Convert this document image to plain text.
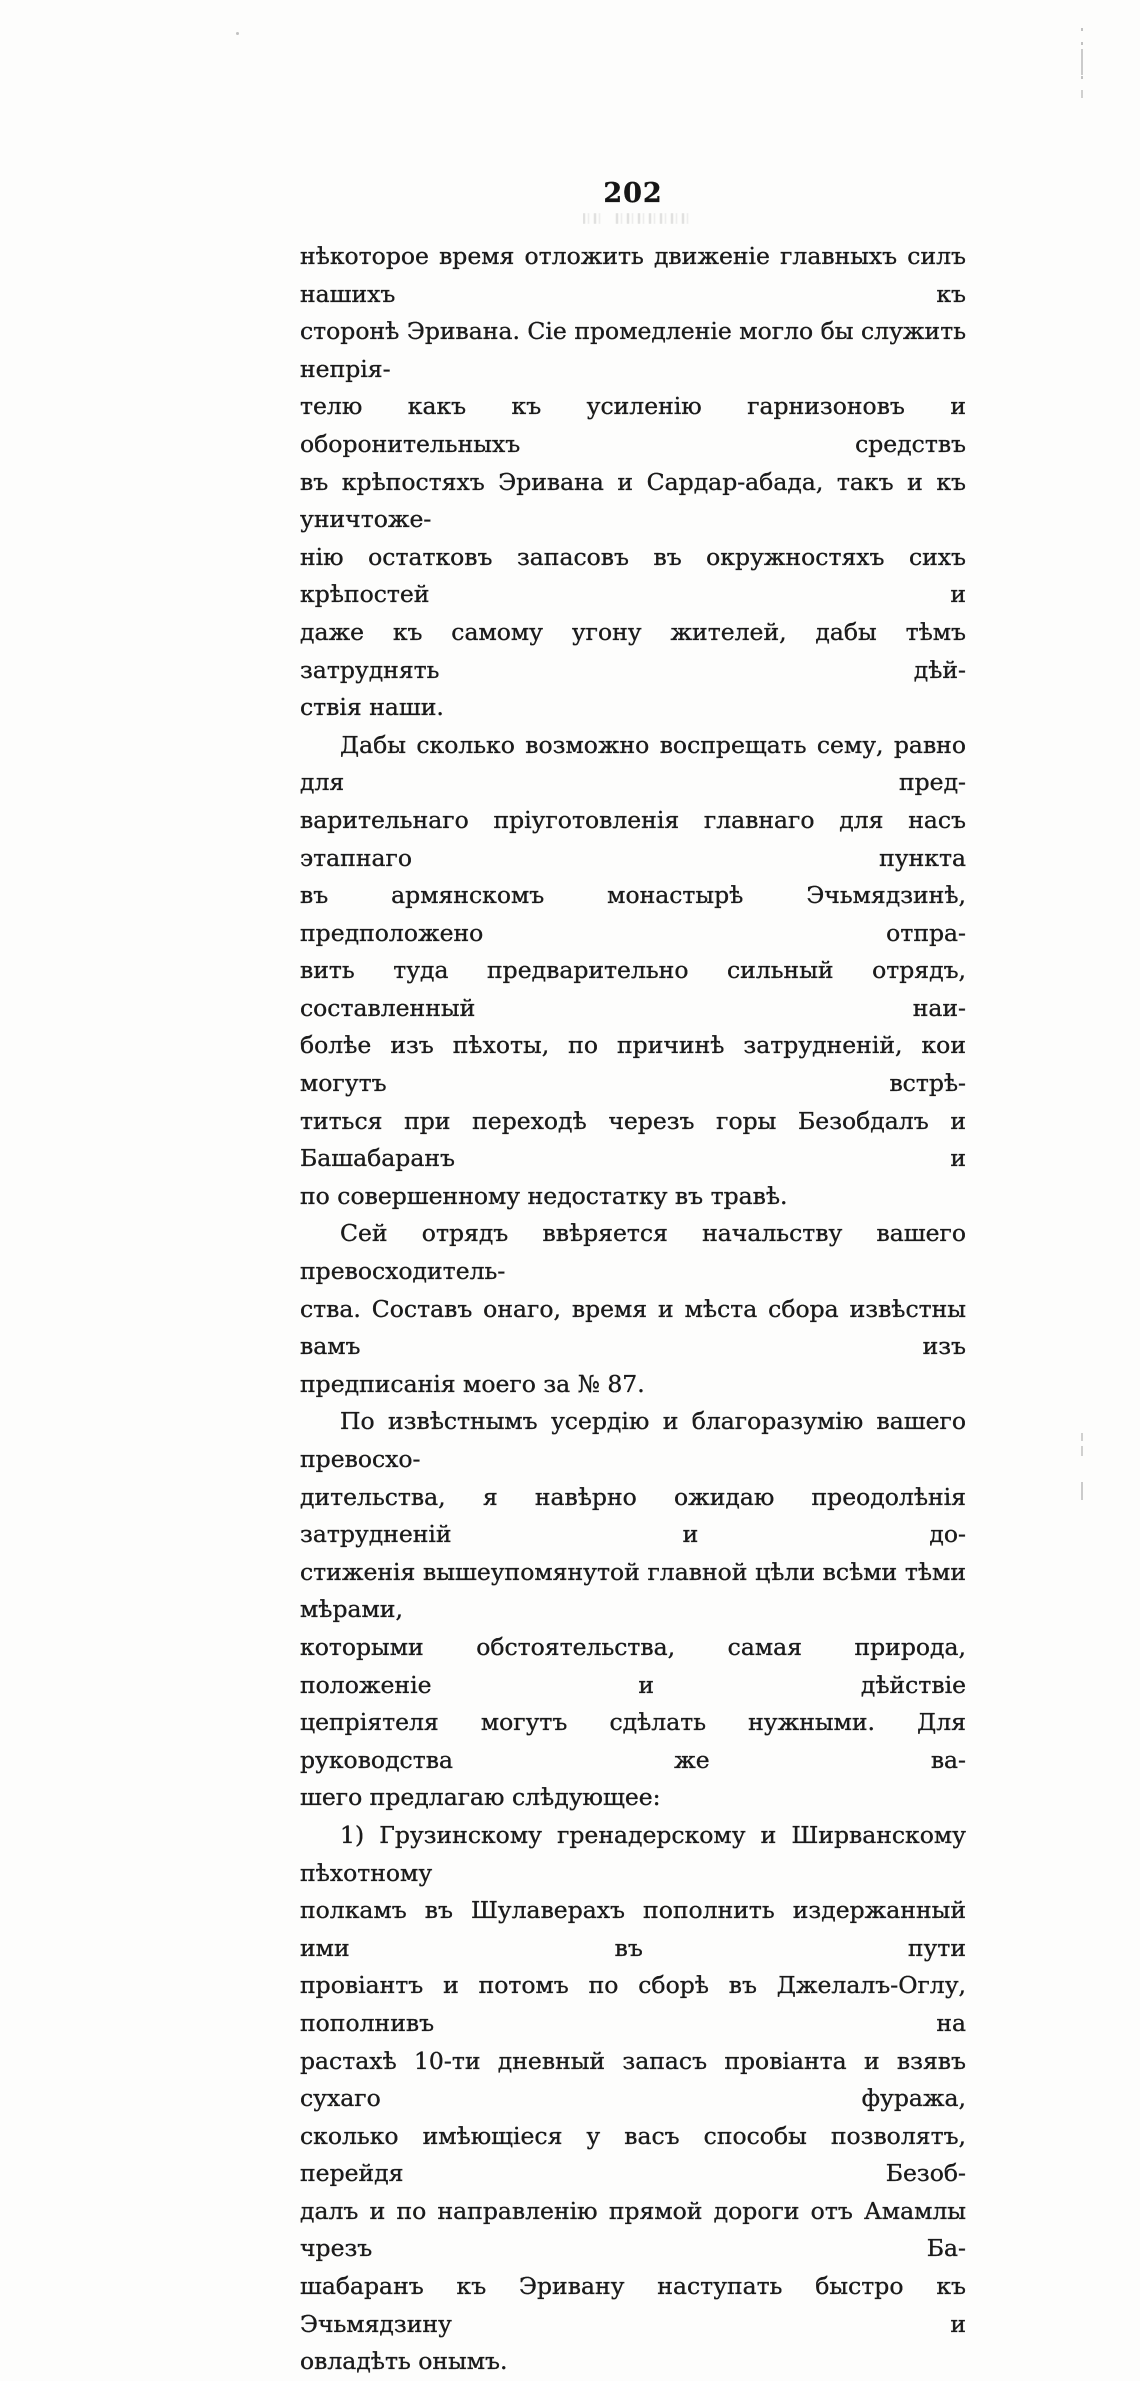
202
нѣкоторое время отложить движеніе главныхъ силъ нашихъ къ
сторонѣ Эривана. Сіе промедленіе могло бы служить непрія-
телю какъ къ усиленію гарнизоновъ и оборонительныхъ средствъ
въ крѣпостяхъ Эривана и Сардар-абада, такъ и къ уничтоже-
нію остатковъ запасовъ въ окружностяхъ сихъ крѣпостей и
даже къ самому угону жителей, дабы тѣмъ затруднять дѣй-
ствія наши.
Дабы сколько возможно воспрещать сему, равно для пред-
варительнаго пріуготовленія главнаго для насъ этапнаго пункта
въ армянскомъ монастырѣ Эчьмядзинѣ, предположено отпра-
вить туда предварительно сильный отрядъ, составленный наи-
болѣе изъ пѣхоты, по причинѣ затрудненій, кои могутъ встрѣ-
титься при переходѣ черезъ горы Безобдалъ и Башабаранъ и
по совершенному недостатку въ травѣ.
Сей отрядъ ввѣряется начальству вашего превосходитель-
ства. Составъ онаго, время и мѣста сбора извѣстны вамъ изъ
предписанія моего за № 87.
По извѣстнымъ усердію и благоразумію вашего превосхо-
дительства, я навѣрно ожидаю преодолѣнія затрудненій и до-
стиженія вышеупомянутой главной цѣли всѣми тѣми мѣрами,
которыми обстоятельства, самая природа, положеніе и дѣйствіе
цепріятеля могутъ сдѣлать нужными. Для руководства же ва-
шего предлагаю слѣдующее:
1) Грузинскому гренадерскому и Ширванскому пѣхотному
полкамъ въ Шулаверахъ пополнить издержанный ими въ пути
провіантъ и потомъ по сборѣ въ Джелалъ-Оглу, пополнивъ на
растахѣ 10-ти дневный запасъ провіанта и взявъ сухаго фуража,
сколько имѣющіеся у васъ способы позволятъ, перейдя Безоб-
далъ и по направленію прямой дороги отъ Амамлы чрезъ Ба-
шабаранъ къ Эривану наступать быстро къ Эчьмядзину и
овладѣть онымъ.
